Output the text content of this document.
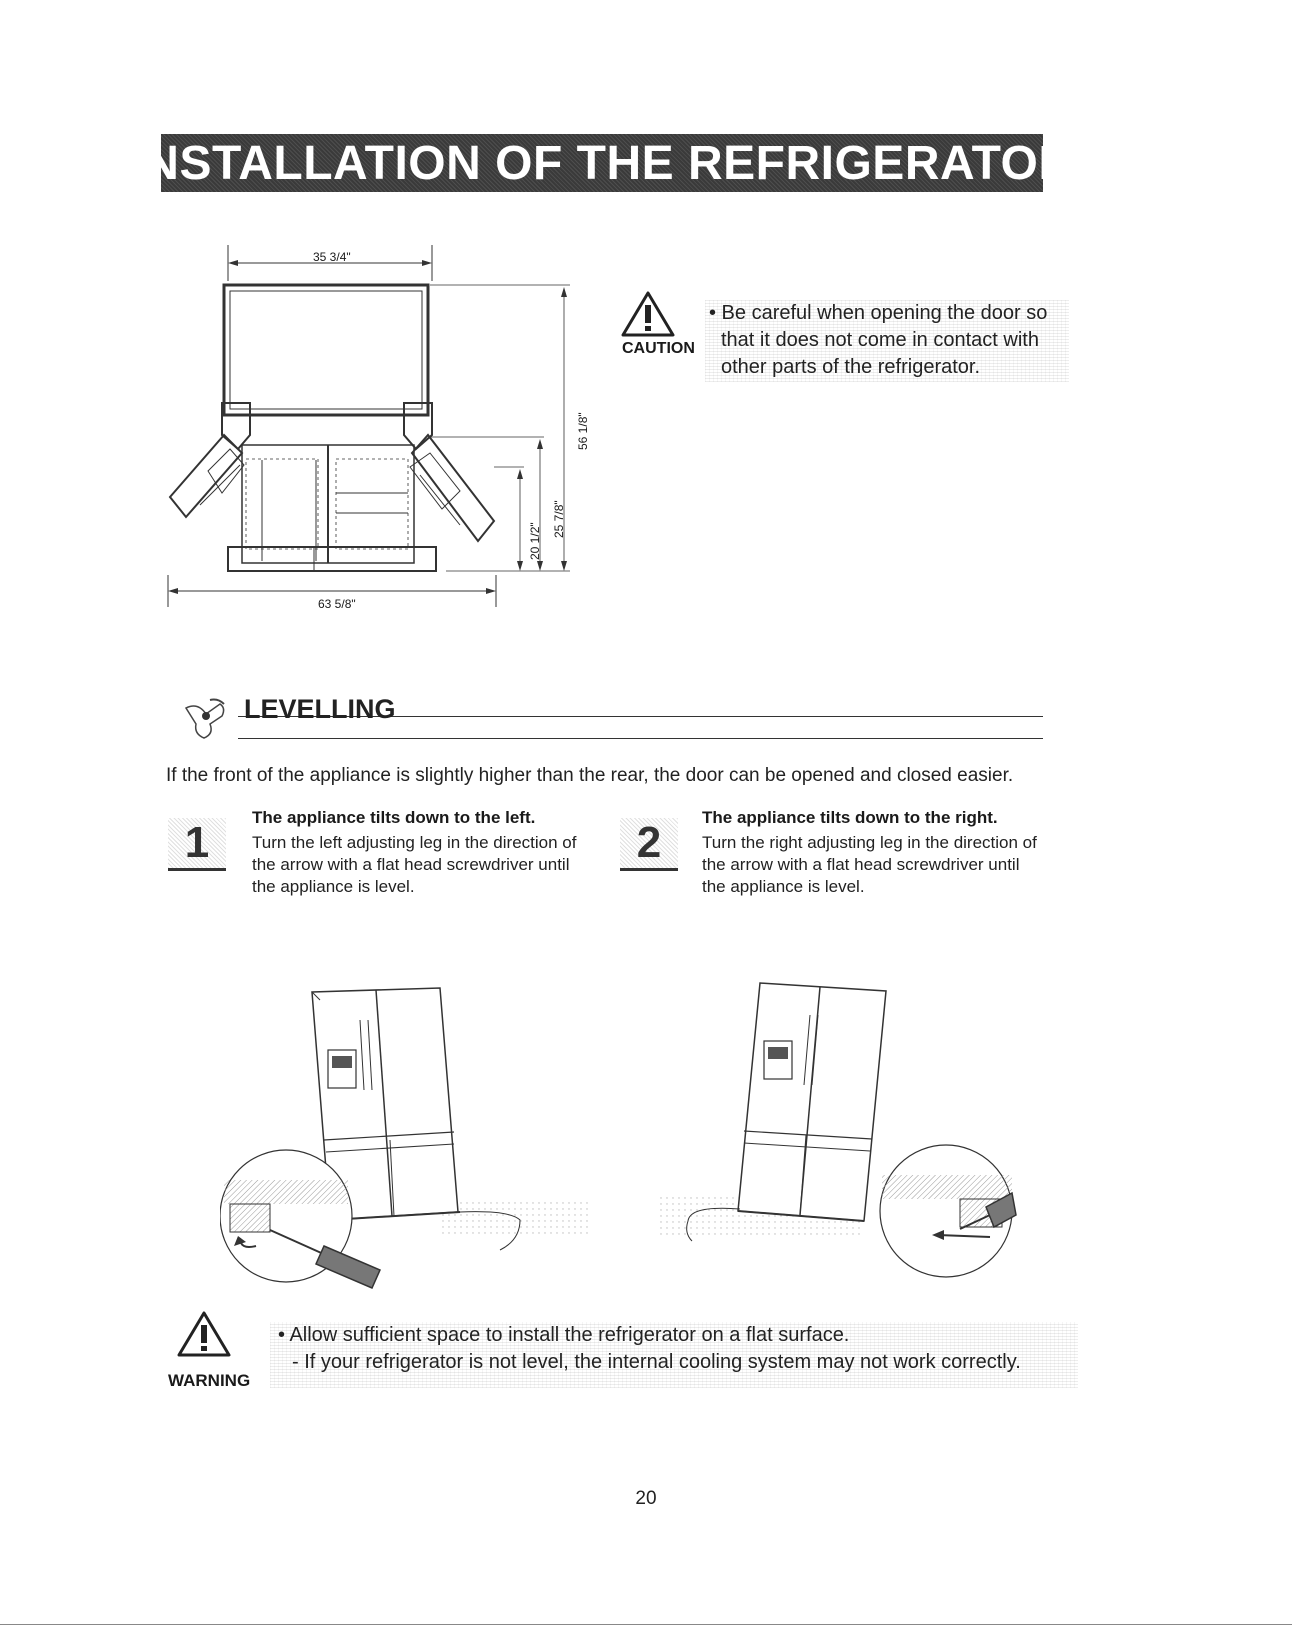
INSTALLATION OF THE REFRIGERATOR
35 3/4"
63 5/8"
56 1/8"
25 7/8"
20 1/2"
CAUTION
• Be careful when opening the door so
that it does not come in contact with
other parts of the refrigerator.
LEVELLING

If the front of the appliance is slightly higher than the rear, the door can be opened and closed easier.

1
The appliance tilts down to the left.
Turn the left adjusting leg in the direction of
the arrow with a flat head screwdriver until
the appliance is level.
2
The appliance tilts down to the right.
Turn the right adjusting leg in the direction of
the arrow with a flat head screwdriver until
the appliance is level.
WARNING
• Allow sufficient space to install the refrigerator on a flat surface.
- If your refrigerator is not level, the internal cooling system may not work correctly.
20
